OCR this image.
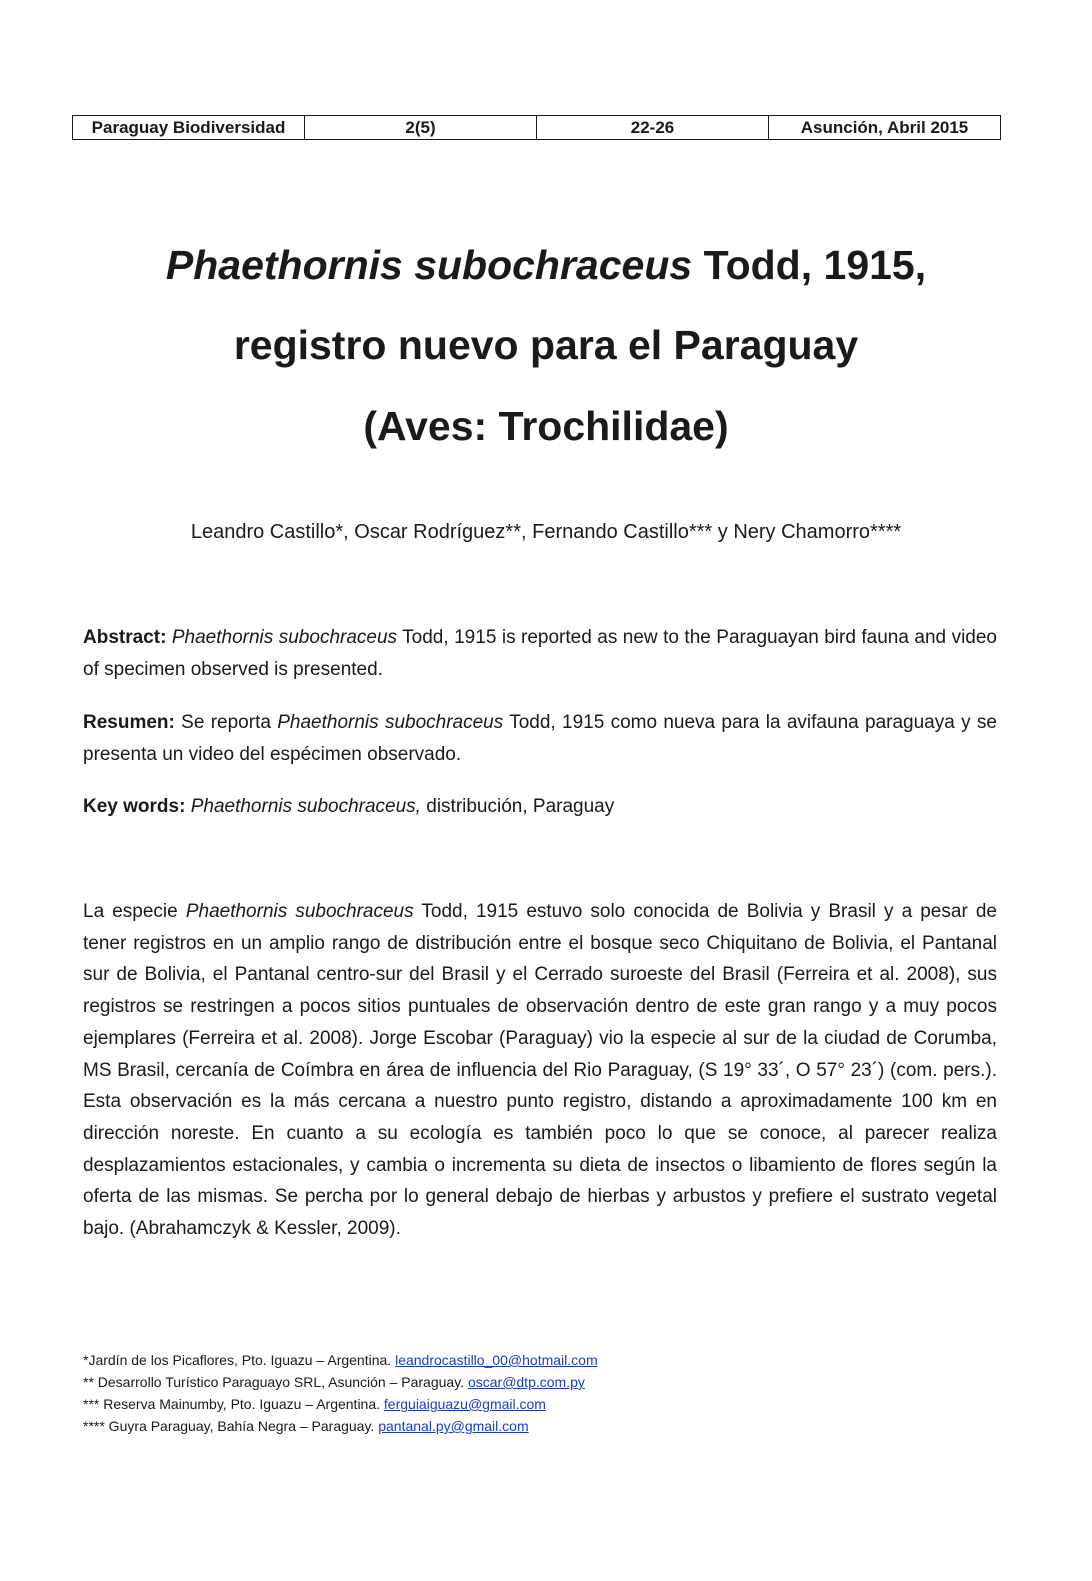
Paraguay Biodiversidad	2(5)	22-26	Asunción, Abril 2015
Phaethornis subochraceus Todd, 1915,
registro nuevo para el Paraguay
(Aves: Trochilidae)
Leandro Castillo*, Oscar Rodríguez**, Fernando Castillo*** y Nery Chamorro****

Abstract: Phaethornis subochraceus Todd, 1915 is reported as new to the Paraguayan bird fauna and video of specimen observed is presented.

Resumen: Se reporta Phaethornis subochraceus Todd, 1915 como nueva para la avifauna paraguaya y se presenta un video del espécimen observado.

Key words: Phaethornis subochraceus, distribución, Paraguay

La especie Phaethornis subochraceus Todd, 1915 estuvo solo conocida de Bolivia y Brasil y a pesar de tener registros en un amplio rango de distribución entre el bosque seco Chiquitano de Bolivia, el Pantanal sur de Bolivia, el Pantanal centro-sur del Brasil y el Cerrado suroeste del Brasil (Ferreira et al. 2008), sus registros se restringen a pocos sitios puntuales de observación dentro de este gran rango y a muy pocos ejemplares (Ferreira et al. 2008). Jorge Escobar (Paraguay) vio la especie al sur de la ciudad de Corumba, MS Brasil, cercanía de Coímbra en área de influencia del Rio Paraguay, (S 19° 33´, O 57° 23´) (com. pers.). Esta observación es la más cercana a nuestro punto registro, distando a aproximadamente 100 km en dirección noreste. En cuanto a su ecología es también poco lo que se conoce, al parecer realiza desplazamientos estacionales, y cambia o incrementa su dieta de insectos o libamiento de flores según la oferta de las mismas. Se percha por lo general debajo de hierbas y arbustos y prefiere el sustrato vegetal bajo. (Abrahamczyk & Kessler, 2009).

*Jardín de los Picaflores, Pto. Iguazu – Argentina. leandrocastillo_00@hotmail.com
** Desarrollo Turístico Paraguayo SRL, Asunción – Paraguay. oscar@dtp.com.py
*** Reserva Mainumby, Pto. Iguazu – Argentina. ferguiaiguazu@gmail.com
**** Guyra Paraguay, Bahía Negra – Paraguay. pantanal.py@gmail.com
